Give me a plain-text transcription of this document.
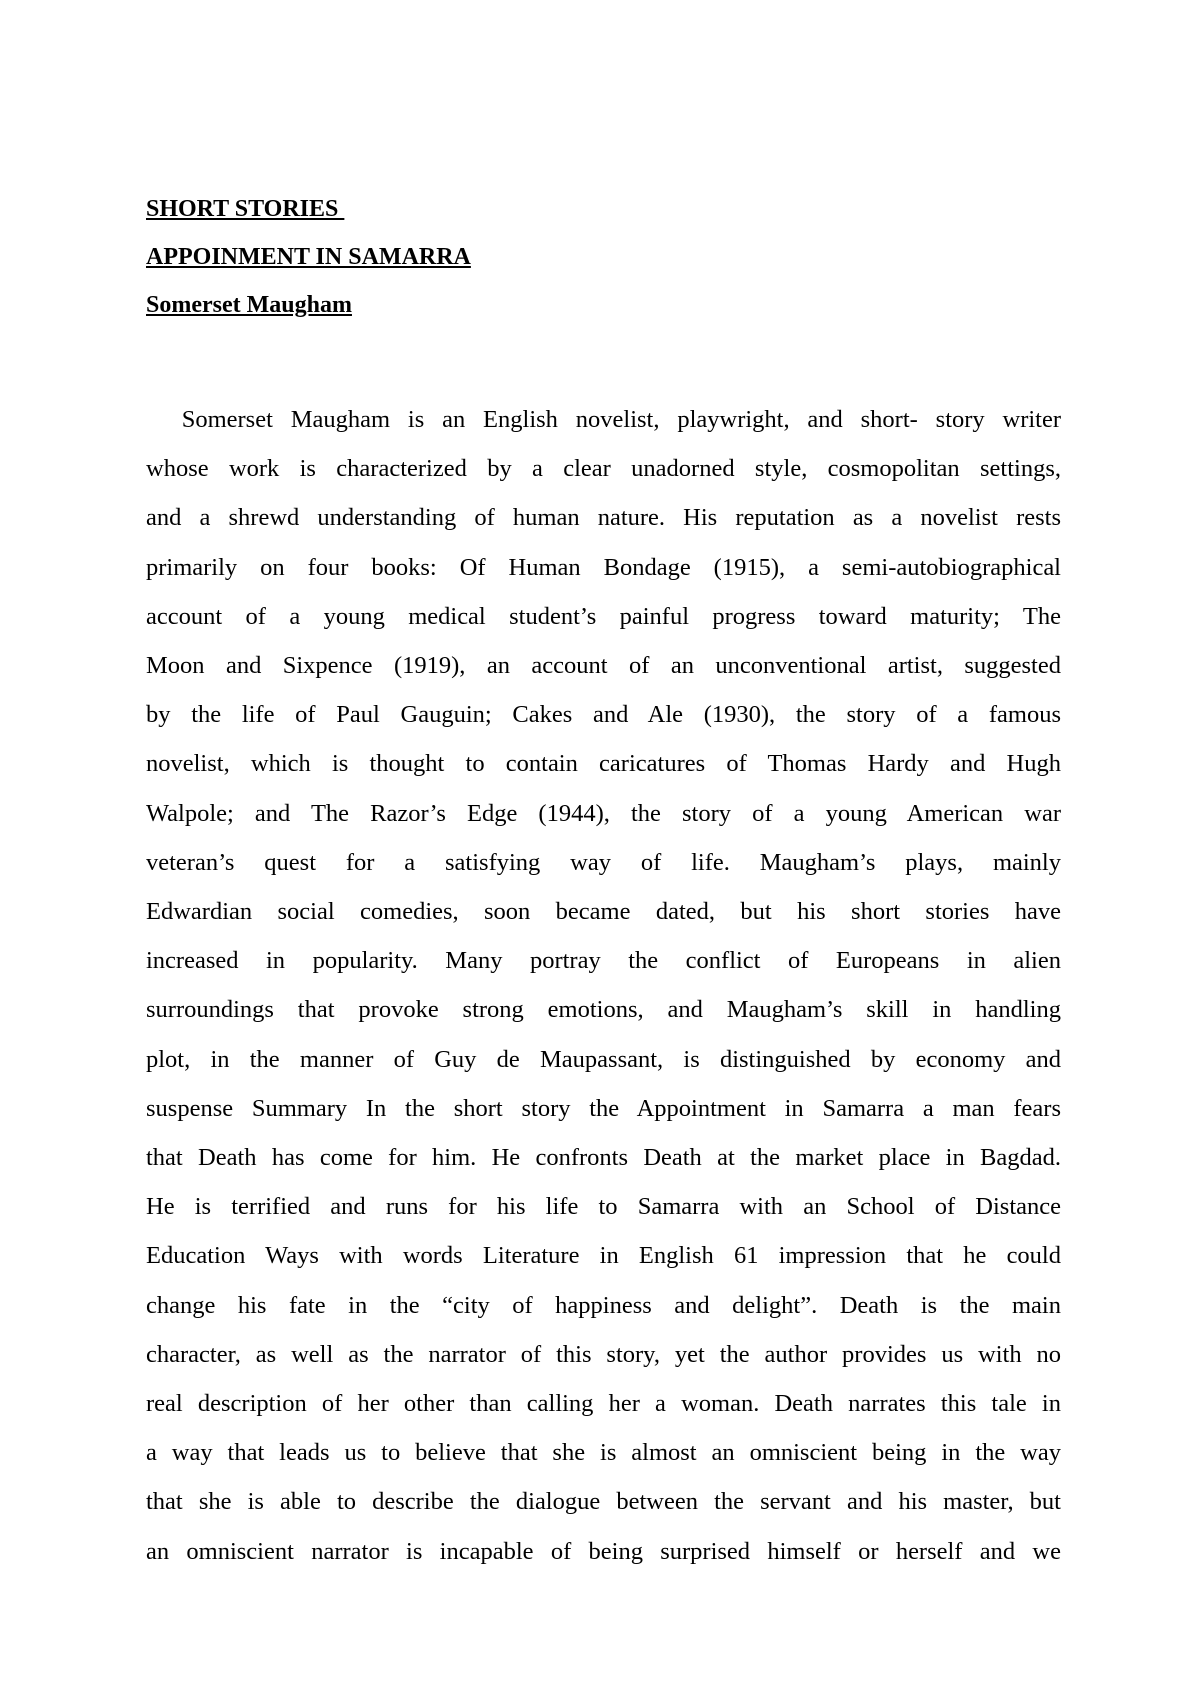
SHORT STORIES

APPOINMENT IN SAMARRA

Somerset Maugham

Somerset Maugham is an English novelist, playwright, and short- story writer
whose work is characterized by a clear unadorned style, cosmopolitan settings,
and a shrewd understanding of human nature. His reputation as a novelist rests
primarily on four books: Of Human Bondage (1915), a semi-autobiographical
account of a young medical student’s painful progress toward maturity; The
Moon and Sixpence (1919), an account of an unconventional artist, suggested
by the life of Paul Gauguin; Cakes and Ale (1930), the story of a famous
novelist, which is thought to contain caricatures of Thomas Hardy and Hugh
Walpole; and The Razor’s Edge (1944), the story of a young American war
veteran’s quest for a satisfying way of life. Maugham’s plays, mainly
Edwardian social comedies, soon became dated, but his short stories have
increased in popularity. Many portray the conflict of Europeans in alien
surroundings that provoke strong emotions, and Maugham’s skill in handling
plot, in the manner of Guy de Maupassant, is distinguished by economy and
suspense Summary In the short story the Appointment in Samarra a man fears
that Death has come for him. He confronts Death at the market place in Bagdad.
He is terrified and runs for his life to Samarra with an School of Distance
Education Ways with words Literature in English 61 impression that he could
change his fate in the “city of happiness and delight”. Death is the main
character, as well as the narrator of this story, yet the author provides us with no
real description of her other than calling her a woman. Death narrates this tale in
a way that leads us to believe that she is almost an omniscient being in the way
that she is able to describe the dialogue between the servant and his master, but
an omniscient narrator is incapable of being surprised himself or herself and we
